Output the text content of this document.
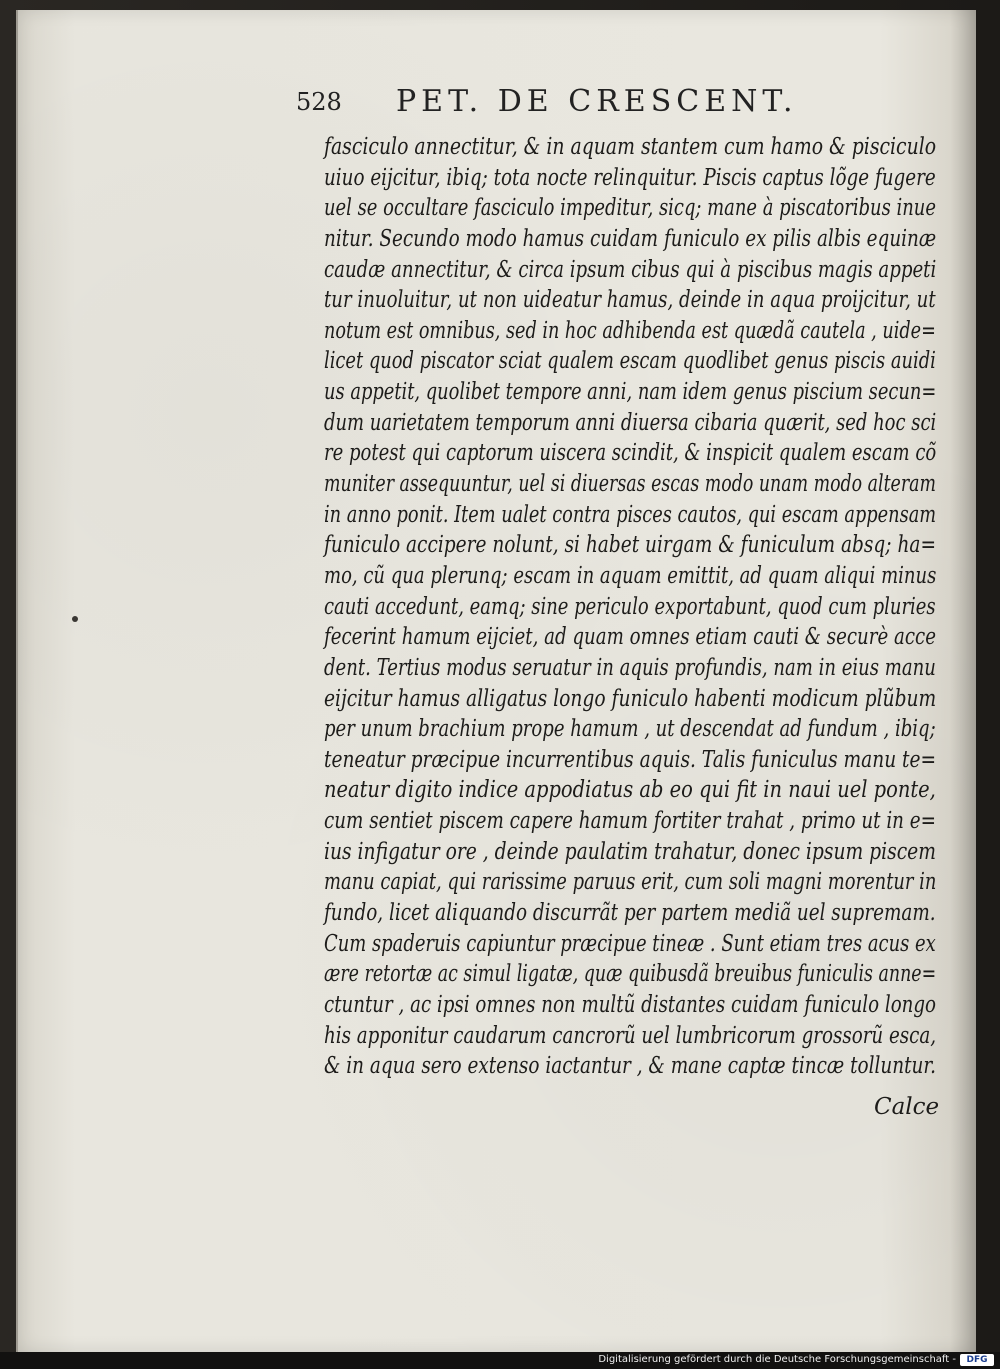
528 PET. DE CRESCENT.
fasciculo annectitur, & in aquam stantem cum hamo & pisciculo
uiuo eijcitur, ibiq; tota nocte relinquitur. Piscis captus lõge fugere
uel se occultare fasciculo impeditur, sicq; mane à piscatoribus inue
nitur. Secundo modo hamus cuidam funiculo ex pilis albis equinæ
caudæ annectitur, & circa ipsum cibus qui à piscibus magis appeti
tur inuoluitur, ut non uideatur hamus, deinde in aqua proijcitur, ut
notum est omnibus, sed in hoc adhibenda est quædã cautela , uide=
licet quod piscator sciat qualem escam quodlibet genus piscis auidi
us appetit, quolibet tempore anni, nam idem genus piscium secun=
dum uarietatem temporum anni diuersa cibaria quærit, sed hoc sci
re potest qui captorum uiscera scindit, & inspicit qualem escam cõ
muniter assequuntur, uel si diuersas escas modo unam modo alteram
in anno ponit. Item ualet contra pisces cautos, qui escam appensam
funiculo accipere nolunt, si habet uirgam & funiculum absq; ha=
mo, cũ qua plerunq; escam in aquam emittit, ad quam aliqui minus
cauti accedunt, eamq; sine periculo exportabunt, quod cum pluries
fecerint hamum eijciet, ad quam omnes etiam cauti & securè acce
dent. Tertius modus seruatur in aquis profundis, nam in eius manu
eijcitur hamus alligatus longo funiculo habenti modicum plũbum
per unum brachium prope hamum , ut descendat ad fundum , ibiq;
teneatur præcipue incurrentibus aquis. Talis funiculus manu te=
neatur digito indice appodiatus ab eo qui fit in naui uel ponte,
cum sentiet piscem capere hamum fortiter trahat , primo ut in e=
ius infigatur ore , deinde paulatim trahatur, donec ipsum piscem
manu capiat, qui rarissime paruus erit, cum soli magni morentur in
fundo, licet aliquando discurrãt per partem mediã uel supremam.
Cum spaderuis capiuntur præcipue tineæ . Sunt etiam tres acus ex
ære retortæ ac simul ligatæ, quæ quibusdã breuibus funiculis anne=
ctuntur , ac ipsi omnes non multũ distantes cuidam funiculo longo
his apponitur caudarum cancrorũ uel lumbricorum grossorũ esca,
& in aqua sero extenso iactantur , & mane captæ tincæ tolluntur.
Calce
Digitalisierung gefördert durch die Deutsche Forschungsgemeinschaft -	DFG
